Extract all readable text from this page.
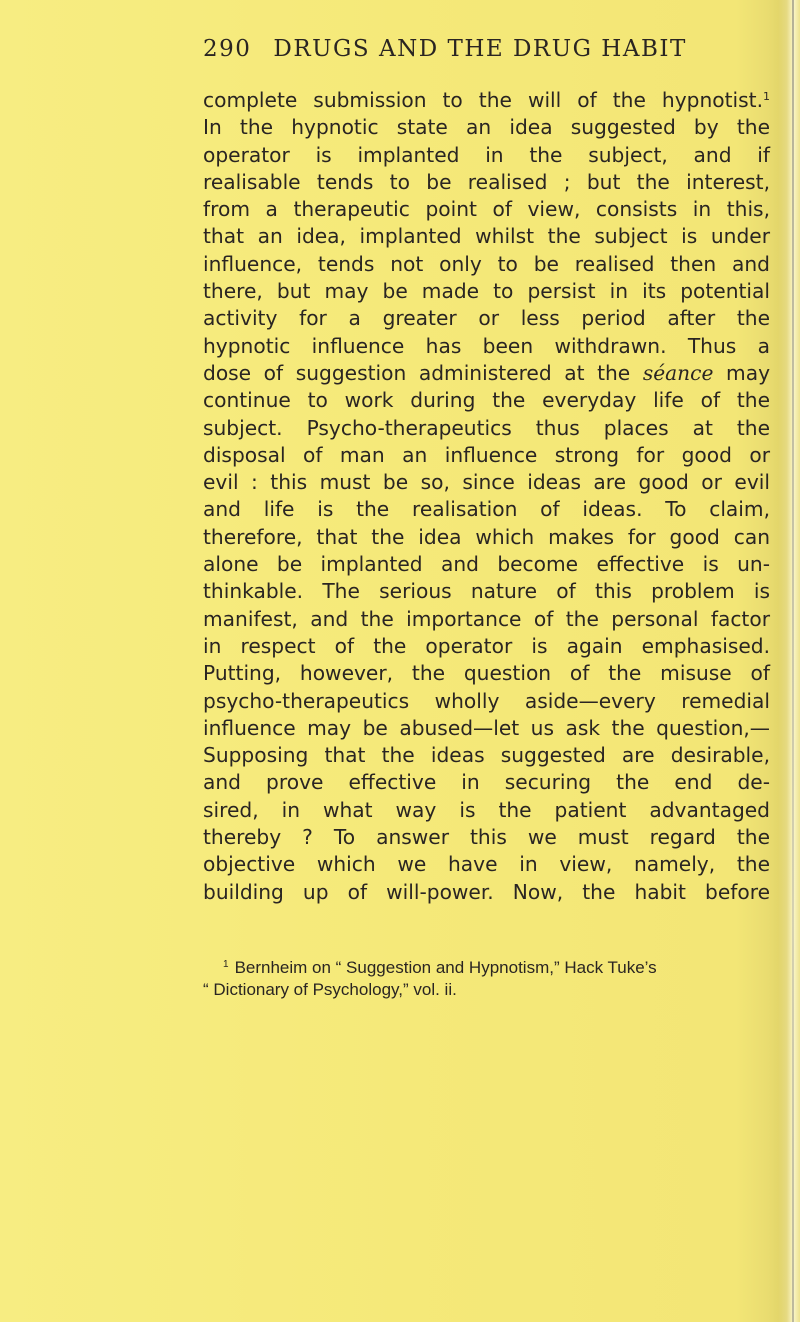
290 DRUGS AND THE DRUG HABIT
complete submission to the will of the hypnotist.$^1$
In the hypnotic state an idea suggested by the
operator is implanted in the subject, and if
realisable tends to be realised ; but the interest,
from a therapeutic point of view, consists in this,
that an idea, implanted whilst the subject is under
influence, tends not only to be realised then and
there, but may be made to persist in its potential
activity for a greater or less period after the
hypnotic influence has been withdrawn. Thus a
dose of suggestion administered at the séance may
continue to work during the everyday life of the
subject. Psycho-therapeutics thus places at the
disposal of man an influence strong for good or
evil : this must be so, since ideas are good or evil
and life is the realisation of ideas. To claim,
therefore, that the idea which makes for good can
alone be implanted and become effective is un-
thinkable. The serious nature of this problem is
manifest, and the importance of the personal factor
in respect of the operator is again emphasised.
Putting, however, the question of the misuse of
psycho-therapeutics wholly aside—every remedial
influence may be abused—let us ask the question,—
Supposing that the ideas suggested are desirable,
and prove effective in securing the end de-
sired, in what way is the patient advantaged
thereby ? To answer this we must regard the
objective which we have in view, namely, the
building up of will-power. Now, the habit before
$^1$ Bernheim on “ Suggestion and Hypnotism,” Hack Tuke’s
“ Dictionary of Psychology,” vol. ii.
